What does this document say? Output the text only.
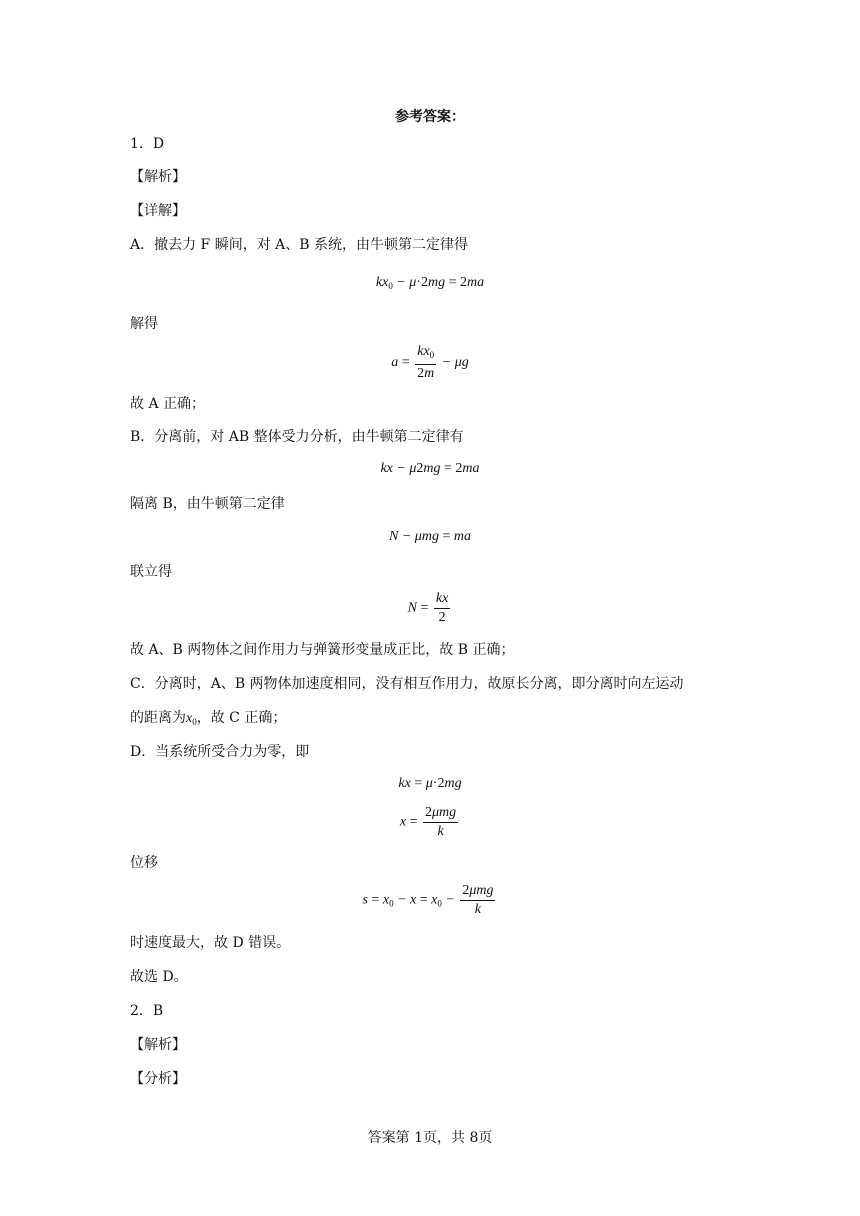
参考答案：
1．D
【解析】
【详解】
A．撤去力 F 瞬间，对 A、B 系统，由牛顿第二定律得
$kx_0 - \mu\cdot 2mg = 2ma$
解得
$a = \frac{kx_0}{2m} - \mu g$
故 A 正确；
B．分离前，对 AB 整体受力分析，由牛顿第二定律有
kx − μ2mg = 2ma
隔离 B，由牛顿第二定律
N − μmg = ma
联立得
$N = \frac{kx}{2}$
故 A、B 两物体之间作用力与弹簧形变量成正比，故 B 正确；
C．分离时，A、B 两物体加速度相同，没有相互作用力，故原长分离，即分离时向左运动
的距离为$x_0$，故 C 正确；
D．当系统所受合力为零，即
kx = μ·2mg
$x = \frac{\text{2μmg}}{k}$
位移
$s = x_0 - x = x_0 - \frac{\text{2μmg}}{k}$
时速度最大，故 D 错误。
故选 D。
2．B
【解析】
【分析】
答案第 1页，共 8页
